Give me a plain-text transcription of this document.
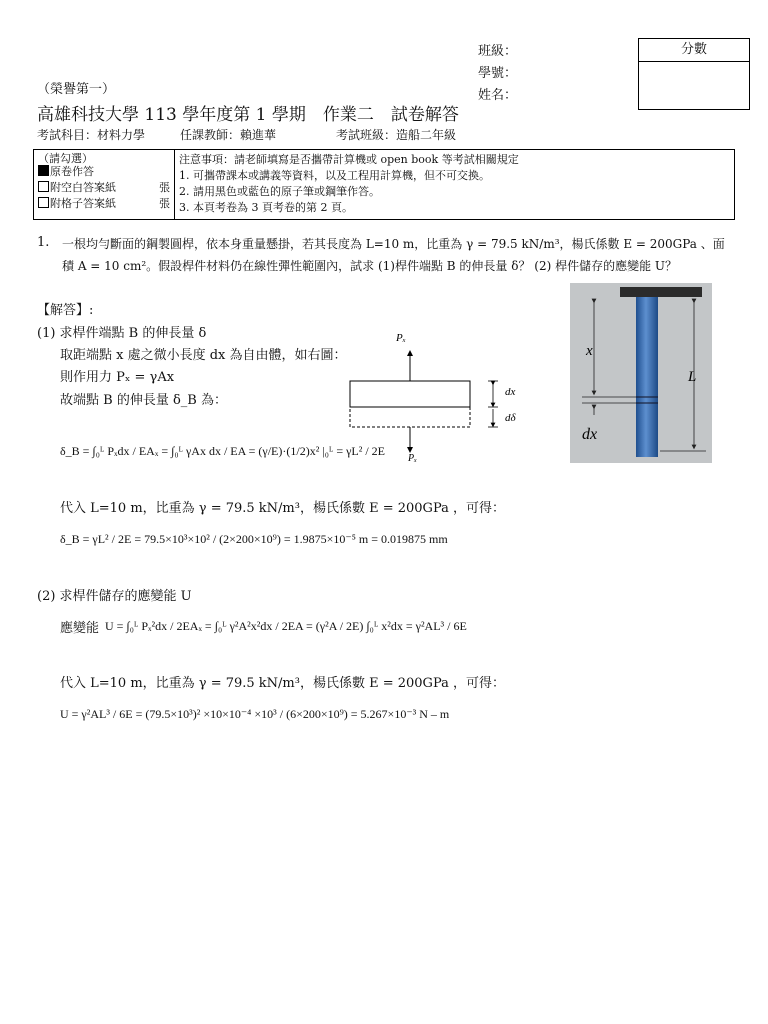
班級：
學號：
姓名：
分數
（榮譽第一）
高雄科技大學 113 學年度第 1 學期　作業二　試卷解答
考試科目：材料力學	任課教師：賴進華	考試班級：造船二年級
（請勾選）
原卷作答
附空白答案紙	張
附格子答案紙	張
注意事項：請老師填寫是否攜帶計算機或 open book 等考試相關規定
1. 可攜帶課本或講義等資料，以及工程用計算機，但不可交換。
2. 請用黑色或藍色的原子筆或鋼筆作答。
3. 本頁考卷為 3 頁考卷的第 2 頁。
1. 一根均勻斷面的鋼製圓桿，依本身重量懸掛，若其長度為 L=10 m，比重為 γ = 79.5 kN/m³，楊氏係數 E = 200GPa 、面
積 A = 10 cm²。假設桿件材料仍在線性彈性範圍內，試求 (1)桿件端點 B 的伸長量 δ？ (2) 桿件儲存的應變能 U？
【解答】:
(1) 求桿件端點 B 的伸長量 δ
取距端點 x 處之微小長度 dx 為自由體，如右圖：
則作用力 Pₓ = γAx
故端點 B 的伸長量 δ_B 為：
δ_B = ∫₀ᴸ Pₓdx / EAₓ = ∫₀ᴸ γAx dx / EA = (γ/E)·(1/2)x² |₀ᴸ = γL² / 2E
代入 L=10 m，比重為 γ = 79.5 kN/m³，楊氏係數 E = 200GPa ，可得：
δ_B = γL² / 2E = 79.5×10³×10² / (2×200×10⁹) = 1.9875×10⁻⁵ m = 0.019875 mm
(2) 求桿件儲存的應變能 U
應變能 U = ∫₀ᴸ Pₓ²dx / 2EAₓ = ∫₀ᴸ γ²A²x²dx / 2EA = (γ²A / 2E) ∫₀ᴸ x²dx = γ²AL³ / 6E
代入 L=10 m，比重為 γ = 79.5 kN/m³，楊氏係數 E = 200GPa ，可得：
U = γ²AL³ / 6E = (79.5×10³)² ×10×10⁻⁴ ×10³ / (6×200×10⁹) = 5.267×10⁻³ N – m
Pₓ
Pₓ
dx
dδ
x
L
dx
